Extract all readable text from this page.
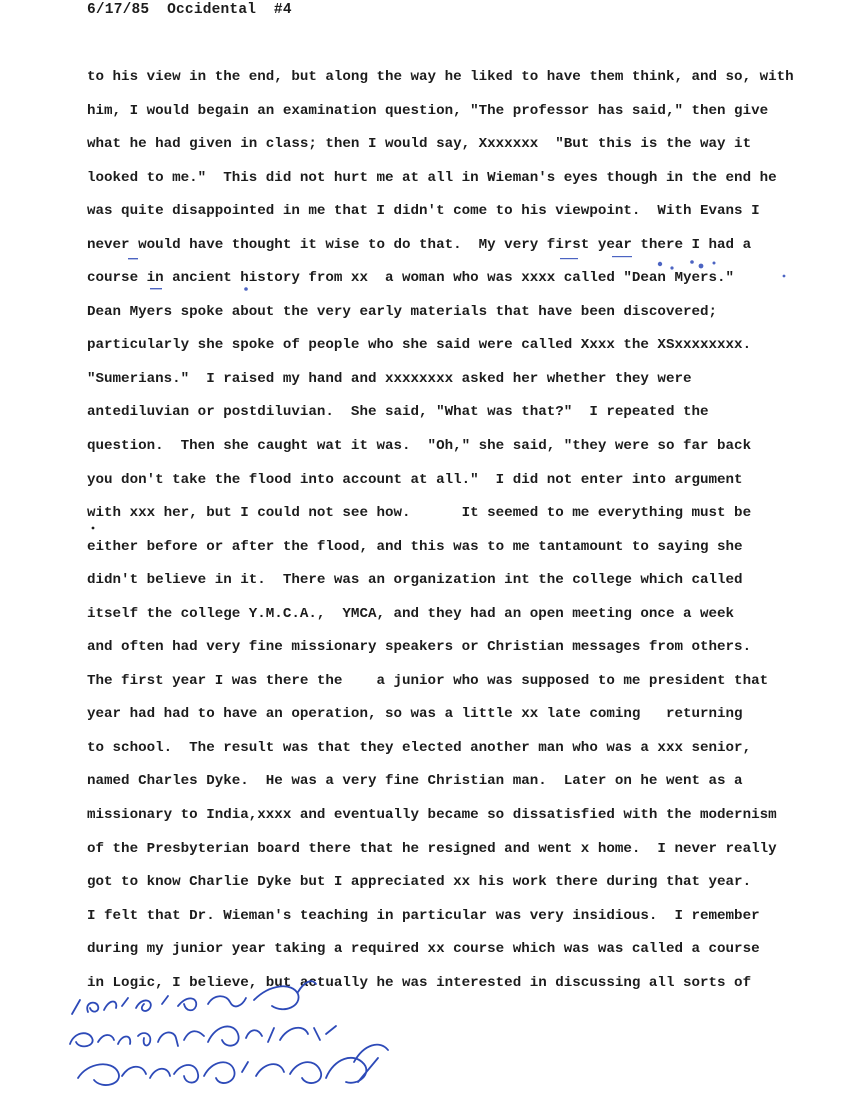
6/17/85  Occidental  #4
to his view in the end, but along the way he liked to have them think, and so, with
him, I would begain an examination question, "The professor has said," then give
what he had given in class; then I would say, Xxxxxxx  "But this is the way it
looked to me."  This did not hurt me at all in Wieman's eyes though in the end he
was quite disappointed in me that I didn't come to his viewpoint.  With Evans I
never would have thought it wise to do that.  My very first year there I had a
course in ancient history from xx  a woman who was xxxx called "Dean Myers."
Dean Myers spoke about the very early materials that have been discovered;
particularly she spoke of people who she said were called Xxxx the XSxxxxxxxx.
"Sumerians."  I raised my hand and xxxxxxxx asked her whether they were
antediluvian or postdiluvian.  She said, "What was that?"  I repeated the
question.  Then she caught wat it was.  "Oh," she said, "they were so far back
you don't take the flood into account at all."  I did not enter into argument
with xxx her, but I could not see how.      It seemed to me everything must be
either before or after the flood, and this was to me tantamount to saying she
didn't believe in it.  There was an organization int the college which called
itself the college Y.M.C.A.,  YMCA, and they had an open meeting once a week
and often had very fine missionary speakers or Christian messages from others.
The first year I was there the    a junior who was supposed to me president that
year had had to have an operation, so was a little xx late coming   returning
to school.  The result was that they elected another man who was a xxx senior,
named Charles Dyke.  He was a very fine Christian man.  Later on he went as a
missionary to India,xxxx and eventually became so dissatisfied with the modernism
of the Presbyterian board there that he resigned and went x home.  I never really
got to know Charlie Dyke but I appreciated xx his work there during that year.
I felt that Dr. Wieman's teaching in particular was very insidious.  I remember
during my junior year taking a required xx course which was was called a course
in Logic, I believe, but actually he was interested in discussing all sorts of
